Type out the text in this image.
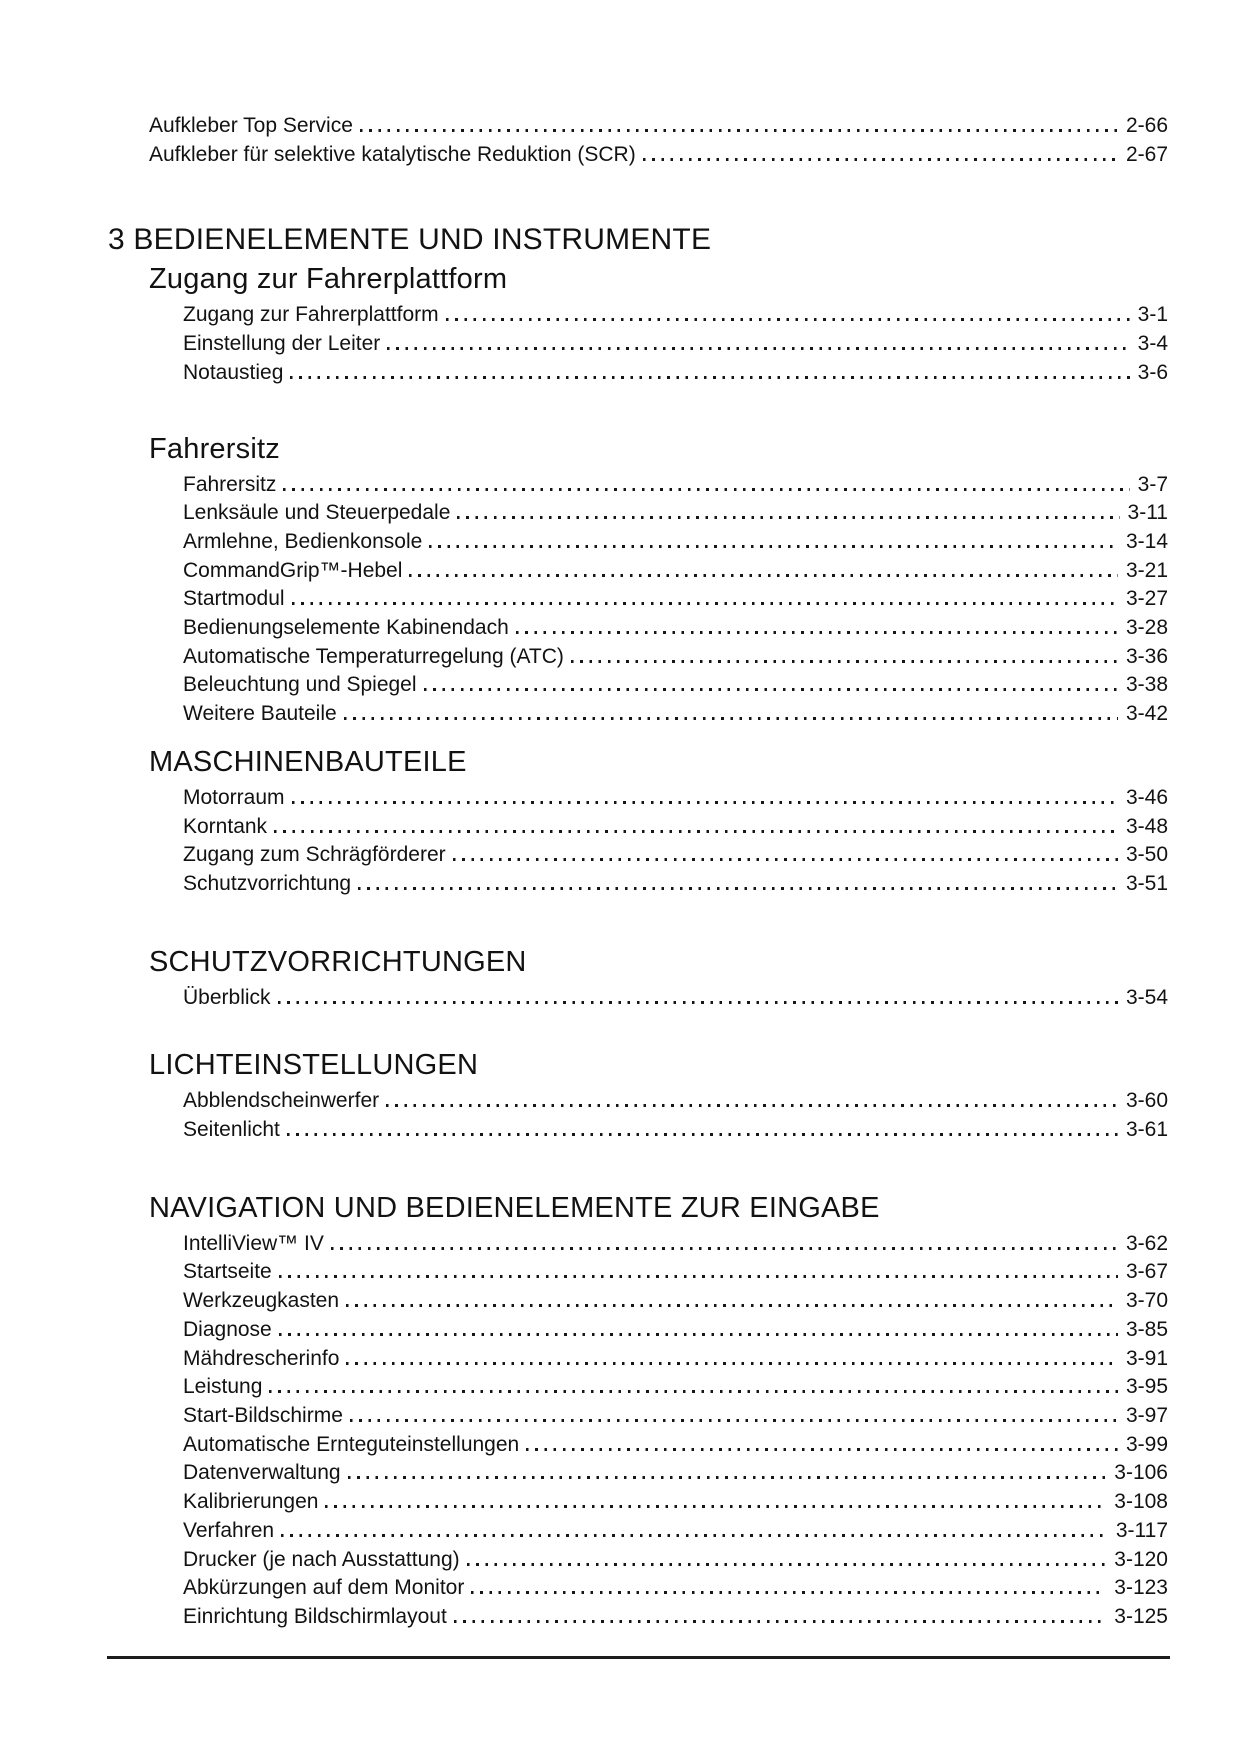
Aufkleber Top Service	2-66
Aufkleber für selektive katalytische Reduktion (SCR)	2-67
3 BEDIENELEMENTE UND INSTRUMENTE
Zugang zur Fahrerplattform
Zugang zur Fahrerplattform	3-1
Einstellung der Leiter	3-4
Notaustieg	3-6
Fahrersitz
Fahrersitz	3-7
Lenksäule und Steuerpedale	3-11
Armlehne, Bedienkonsole	3-14
CommandGrip™-Hebel	3-21
Startmodul	3-27
Bedienungselemente Kabinendach	3-28
Automatische Temperaturregelung (ATC)	3-36
Beleuchtung und Spiegel	3-38
Weitere Bauteile	3-42
MASCHINENBAUTEILE
Motorraum	3-46
Korntank	3-48
Zugang zum Schrägförderer	3-50
Schutzvorrichtung	3-51
SCHUTZVORRICHTUNGEN
Überblick	3-54
LICHTEINSTELLUNGEN
Abblendscheinwerfer	3-60
Seitenlicht	3-61
NAVIGATION UND BEDIENELEMENTE ZUR EINGABE
IntelliView™ IV	3-62
Startseite	3-67
Werkzeugkasten	3-70
Diagnose	3-85
Mähdrescherinfo	3-91
Leistung	3-95
Start-Bildschirme	3-97
Automatische Ernteguteinstellungen	3-99
Datenverwaltung	3-106
Kalibrierungen	3-108
Verfahren	3-117
Drucker (je nach Ausstattung)	3-120
Abkürzungen auf dem Monitor	3-123
Einrichtung Bildschirmlayout	3-125
